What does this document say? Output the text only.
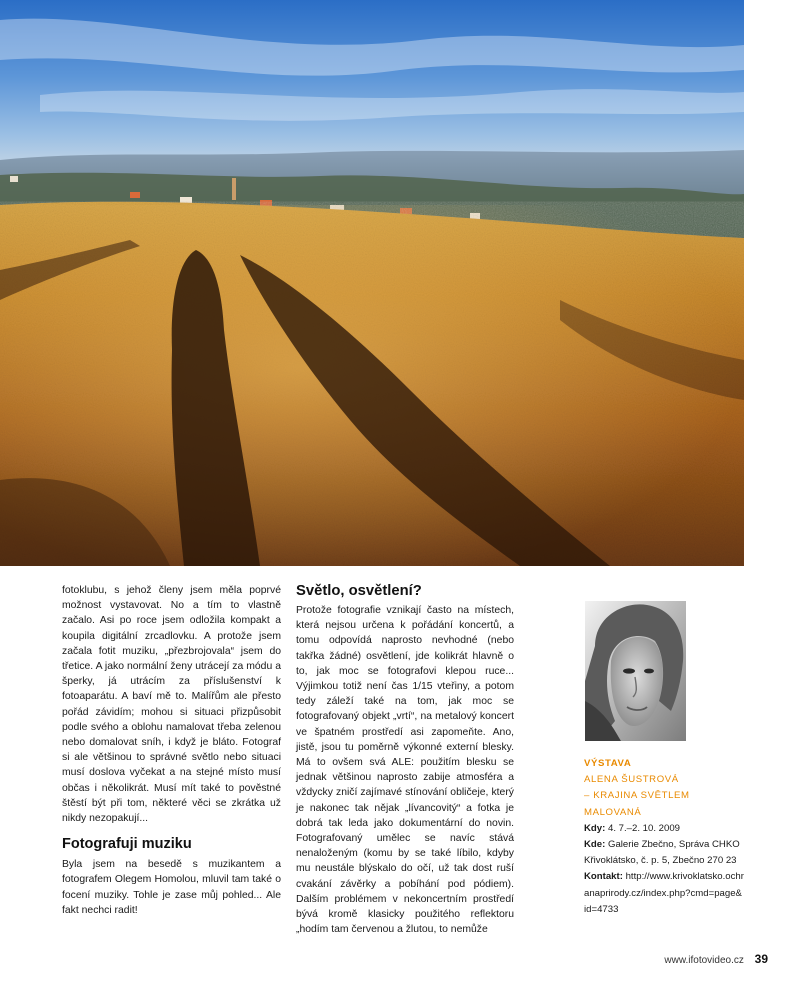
fotoklubu, s jehož členy jsem měla poprvé možnost vystavovat. No a tím to vlastně začalo. Asi po roce jsem odložila kompakt a koupila digitální zrcadlovku. A protože jsem začala fotit muziku, „přezbrojovala“ jsem do třetice. A jako normální ženy utrácejí za módu a šperky, já utrácím za příslušenství k fotoaparátu. A baví mě to. Malířům ale přesto pořád závidím; mohou si situaci přizpůsobit podle svého a oblohu namalovat třeba zelenou nebo domalovat sníh, i když je bláto. Fotograf si ale většinou to správné světlo nebo situaci musí doslova vyčekat a na stejné místo musí občas i několikrát. Musí mít také to pověstné štěstí být při tom, některé věci se zkrátka už nikdy nezopakují...

Fotografuji muziku

Byla jsem na besedě s muzikantem a fotografem Olegem Homolou, mluvil tam také o focení muziky. Tohle je zase můj pohled... Ale fakt nechci radit!

Světlo, osvětlení?

Protože fotografie vznikají často na místech, která nejsou určena k pořádání koncertů, a tomu odpovídá naprosto nevhodné (nebo takřka žádné) osvětlení, jde kolikrát hlavně o to, jak moc se fotografovi klepou ruce... Výjimkou totiž není čas 1/15 vteřiny, a potom tedy záleží také na tom, jak moc se fotografovaný objekt „vrtí“, na metalový koncert ve špatném prostředí asi zapomeňte. Ano, jistě, jsou tu poměrně výkonné externí blesky. Má to ovšem svá ALE: použitím blesku se jednak většinou naprosto zabije atmosféra a vždycky zničí zajímavé stínování obličeje, který je nakonec tak nějak „lívancovitý“ a fotka je dobrá tak leda jako dokumentární do novin. Fotografovaný umělec se navíc stává nenaloženým (komu by se také líbilo, kdyby mu neustále blýskalo do očí, už tak dost ruší cvakání závěrky a pobíhání pod pódiem). Dalším problémem v nekoncertním prostředí bývá kromě klasicky použitého reflektoru „hodím tam červenou a žlutou, to nemůže

VÝSTAVA
ALENA ŠUSTROVÁ
– KRAJINA SVĚTLEM
MALOVANÁ
Kdy: 4. 7.–2. 10. 2009
Kde: Galerie Zbečno, Správa CHKO Křivoklátsko, č. p. 5, Zbečno 270 23
Kontakt: http://www.krivoklatsko.ochranaprirody.cz/index.php?cmd=page&id=4733
www.ifotovideo.cz 39
